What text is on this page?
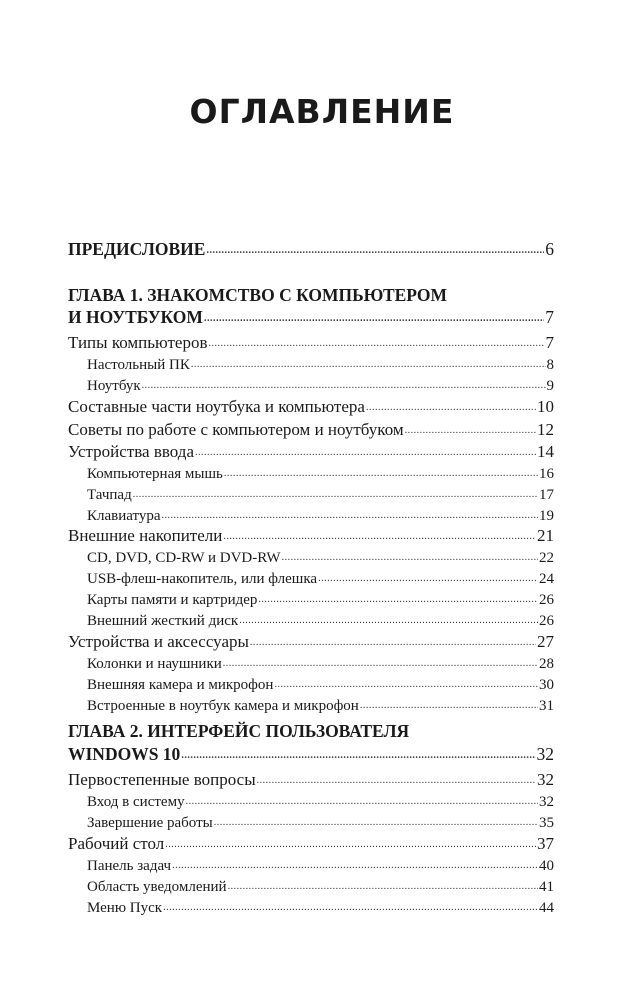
ОГЛАВЛЕНИЕ
ПРЕДИСЛОВИЕ .....	6
ГЛАВА 1. ЗНАКОМСТВО С КОМПЬЮТЕРОМ
И НОУТБУКОМ .....	7
Типы компьютеров .....	7
Настольный ПК .....	8
Ноутбук .....	9
Составные части ноутбука и компьютера .....	10
Советы по работе с компьютером и ноутбуком .....	12
Устройства ввода .....	14
Компьютерная мышь .....	16
Тачпад .....	17
Клавиатура .....	19
Внешние накопители .....	21
CD, DVD, CD-RW и DVD-RW .....	22
USB-флеш-накопитель, или флешка .....	24
Карты памяти и картридер .....	26
Внешний жесткий диск .....	26
Устройства и аксессуары .....	27
Колонки и наушники .....	28
Внешняя камера и микрофон .....	30
Встроенные в ноутбук камера и микрофон .....	31
ГЛАВА 2. ИНТЕРФЕЙС ПОЛЬЗОВАТЕЛЯ
WINDOWS 10 .....	32
Первостепенные вопросы .....	32
Вход в систему .....	32
Завершение работы .....	35
Рабочий стол .....	37
Панель задач .....	40
Область уведомлений .....	41
Меню Пуск .....	44
